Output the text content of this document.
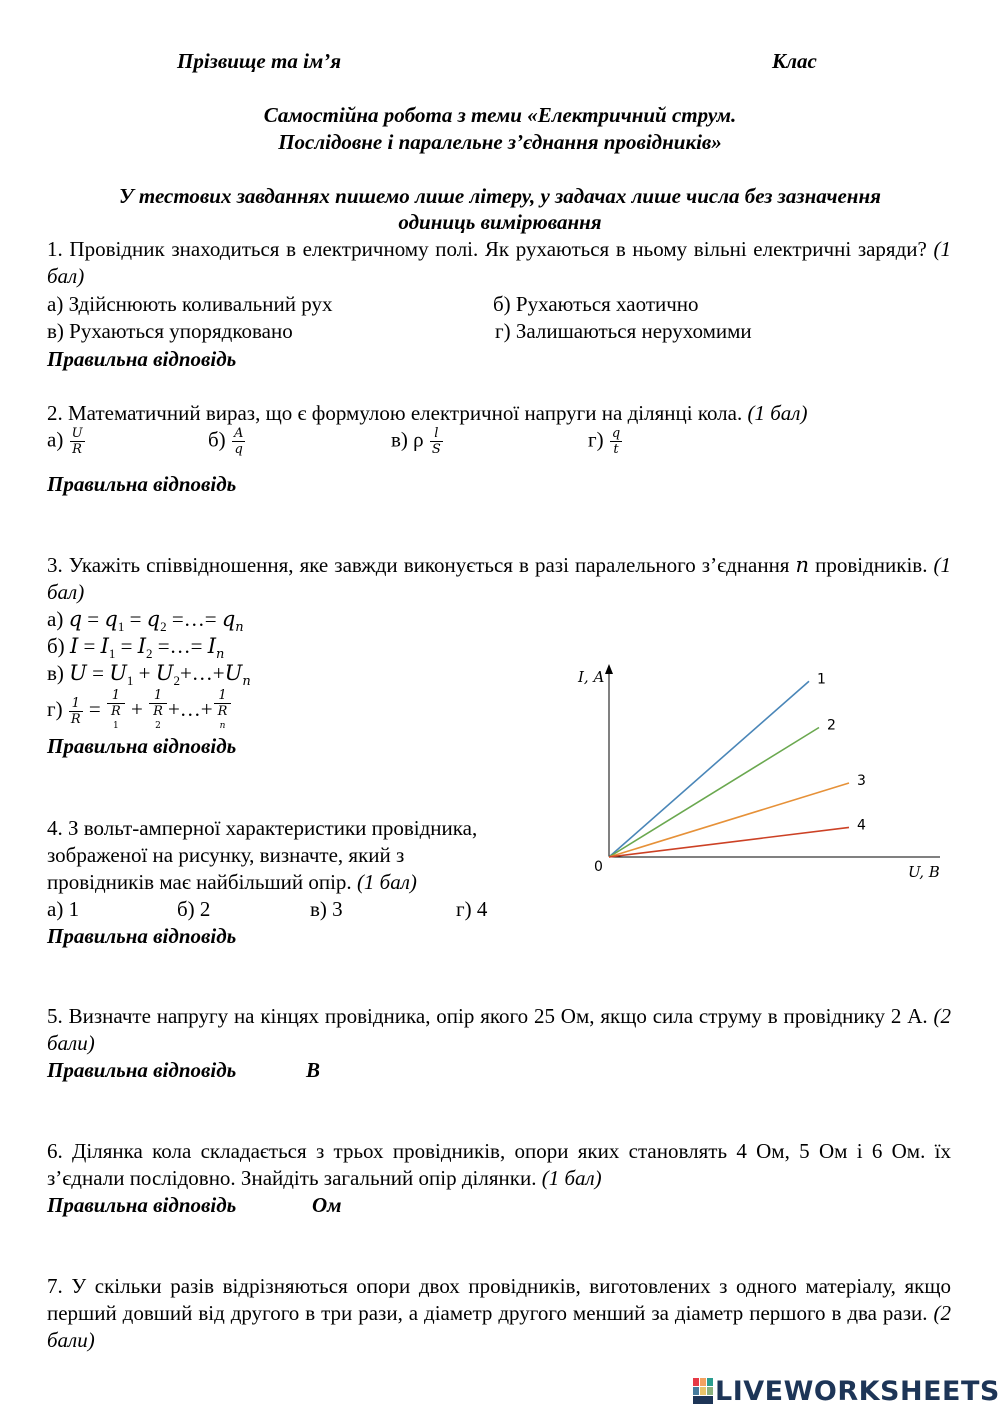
Прізвище та ім’я	Клас
Самостійна робота з теми «Електричний струм.
Послідовне і паралельне з’єднання провідників»
У тестових завданнях пишемо лише літеру, у задачах лише числа без зазначення
одиниць вимірювання
1. Провідник знаходиться в електричному полі. Як рухаються в ньому вільні електричні заряди? (1 бал)
а) Здійснюють коливальний рух	б) Рухаються хаотично
в) Рухаються упорядковано	г) Залишаються нерухомими
Правильна відповідь
2. Математичний вираз, що є формулою електричної напруги на ділянці кола. (1 бал)
$а) \frac{U}{R}$	$б) \frac{A}{q}$	в) ρ $\frac{l}{S}$	$г) \frac{q}{t}$
Правильна відповідь
3. Укажіть співвідношення, яке завжди виконується в разі паралельного з’єднання n провідників. (1 бал)
а) $q = q_1 = q_2$ =…= $q_n$
б) $I = I_1 = I_2$ =…= $I_n$
в) $U = U_1$ + $U_2+\dots+U_n$
$г) \frac{1}{R} = 1$
R
1 + 1
R
2 +…+ 1
R
n
Правильна відповідь
I, A
U, B
0
1
2
3
4
4. З вольт-амперної характеристики провідника,
зображеної на рисунку, визначте, який з
провідників має найбільший опір. (1 бал)
а) 1	б) 2	в) 3	г) 4
Правильна відповідь
5. Визначте напругу на кінцях провідника, опір якого 25 Ом, якщо сила струму в провіднику 2 А. (2 бали)
Правильна відповідь	В
6. Ділянка кола складається з трьох провідників, опори яких становлять 4 Ом, 5 Ом і 6 Ом. їх з’єднали послідовно. Знайдіть загальний опір ділянки. (1 бал)
Правильна відповідь	Ом
7. У скільки разів відрізняються опори двох провідників, виготовлених з одного матеріалу, якщо перший довший від другого в три рази, а діаметр другого менший за діаметр першого в два рази. (2 бали)
LIVEWORKSHEETS
